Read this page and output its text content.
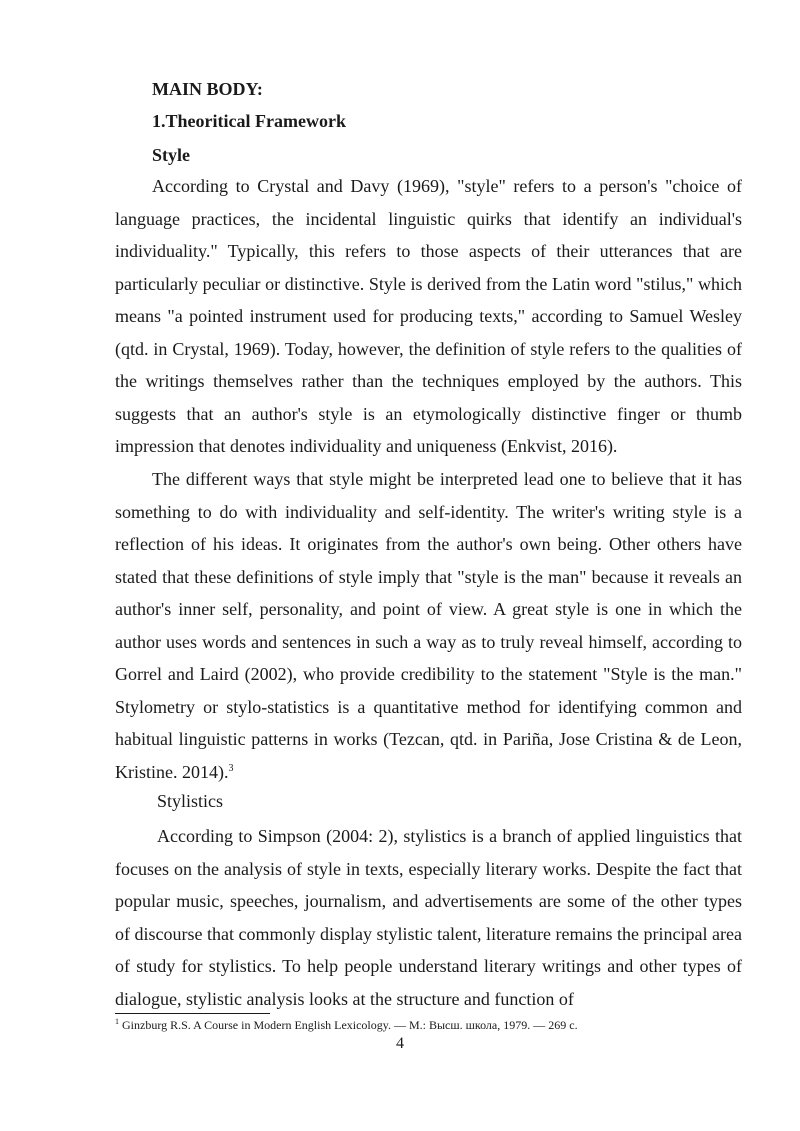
MAIN BODY:
1.Theoritical Framework
Style

According to Crystal and Davy (1969), "style" refers to a person's "choice of language practices, the incidental linguistic quirks that identify an individual's individuality." Typically, this refers to those aspects of their utterances that are particularly peculiar or distinctive. Style is derived from the Latin word "stilus," which means "a pointed instrument used for producing texts," according to Samuel Wesley (qtd. in Crystal, 1969). Today, however, the definition of style refers to the qualities of the writings themselves rather than the techniques employed by the authors. This suggests that an author's style is an etymologically distinctive finger or thumb impression that denotes individuality and uniqueness (Enkvist, 2016).

The different ways that style might be interpreted lead one to believe that it has something to do with individuality and self-identity. The writer's writing style is a reflection of his ideas. It originates from the author's own being. Other others have stated that these definitions of style imply that "style is the man" because it reveals an author's inner self, personality, and point of view. A great style is one in which the author uses words and sentences in such a way as to truly reveal himself, according to Gorrel and Laird (2002), who provide credibility to the statement "Style is the man." Stylometry or stylo-statistics is a quantitative method for identifying common and habitual linguistic patterns in works (Tezcan, qtd. in Pariña, Jose Cristina & de Leon, Kristine. 2014).$^3$

Stylistics

According to Simpson (2004: 2), stylistics is a branch of applied linguistics that focuses on the analysis of style in texts, especially literary works. Despite the fact that popular music, speeches, journalism, and advertisements are some of the other types of discourse that commonly display stylistic talent, literature remains the principal area of study for stylistics. To help people understand literary writings and other types of dialogue, stylistic analysis looks at the structure and function of

$^1$ Ginzburg R.S. A Course in Modern English Lexicology. — M.: Высш. школа, 1979. — 269 с.

4
